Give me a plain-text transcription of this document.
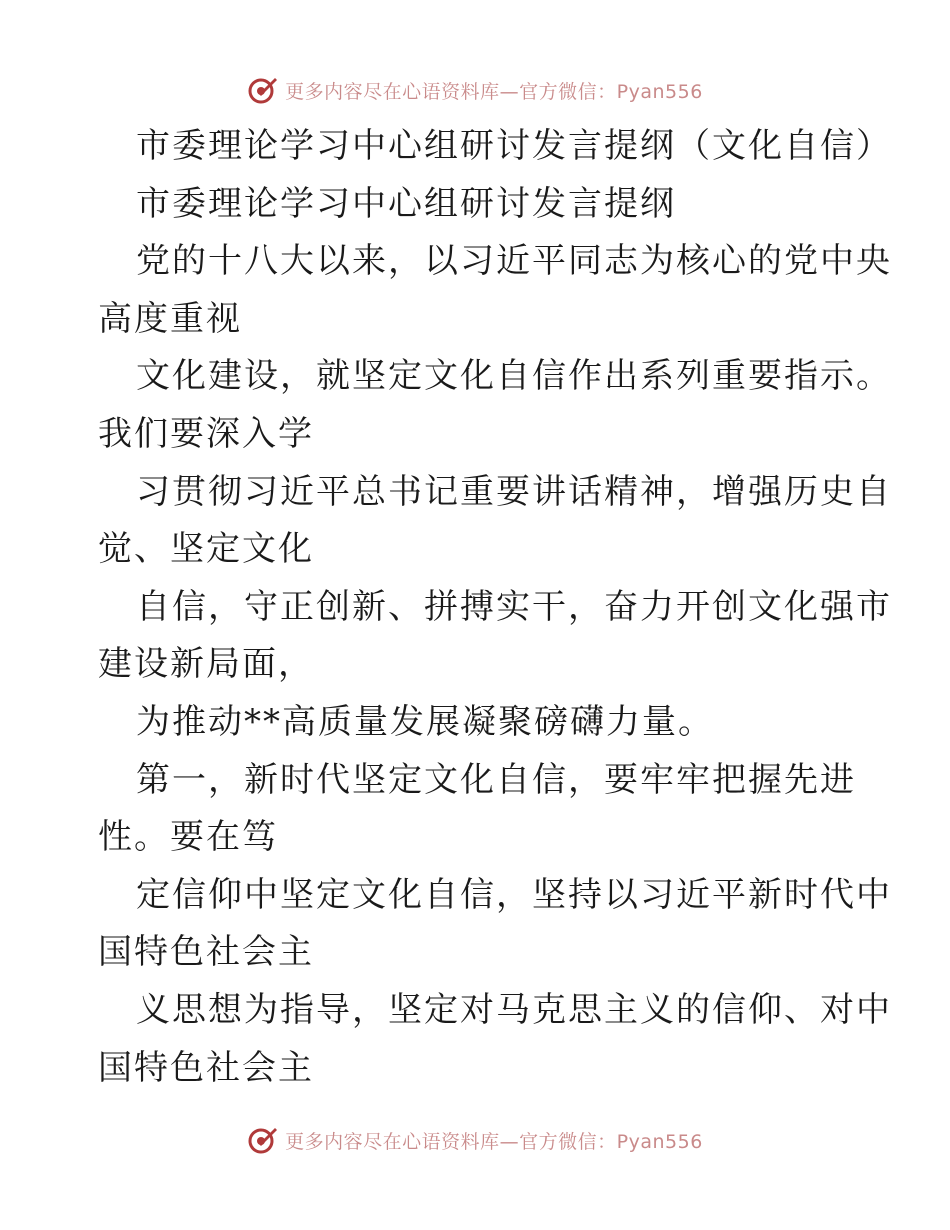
更多内容尽在心语资料库—官方微信：Pyan556
市委理论学习中心组研讨发言提纲（文化自信）
市委理论学习中心组研讨发言提纲
党的十八大以来，以习近平同志为核心的党中央
高度重视
文化建设，就坚定文化自信作出系列重要指示。
我们要深入学
习贯彻习近平总书记重要讲话精神，增强历史自
觉、坚定文化
自信，守正创新、拼搏实干，奋力开创文化强市
建设新局面，
为推动**高质量发展凝聚磅礴力量。
第一，新时代坚定文化自信，要牢牢把握先进
性。要在笃
定信仰中坚定文化自信，坚持以习近平新时代中
国特色社会主
义思想为指导，坚定对马克思主义的信仰、对中
国特色社会主
更多内容尽在心语资料库—官方微信：Pyan556
